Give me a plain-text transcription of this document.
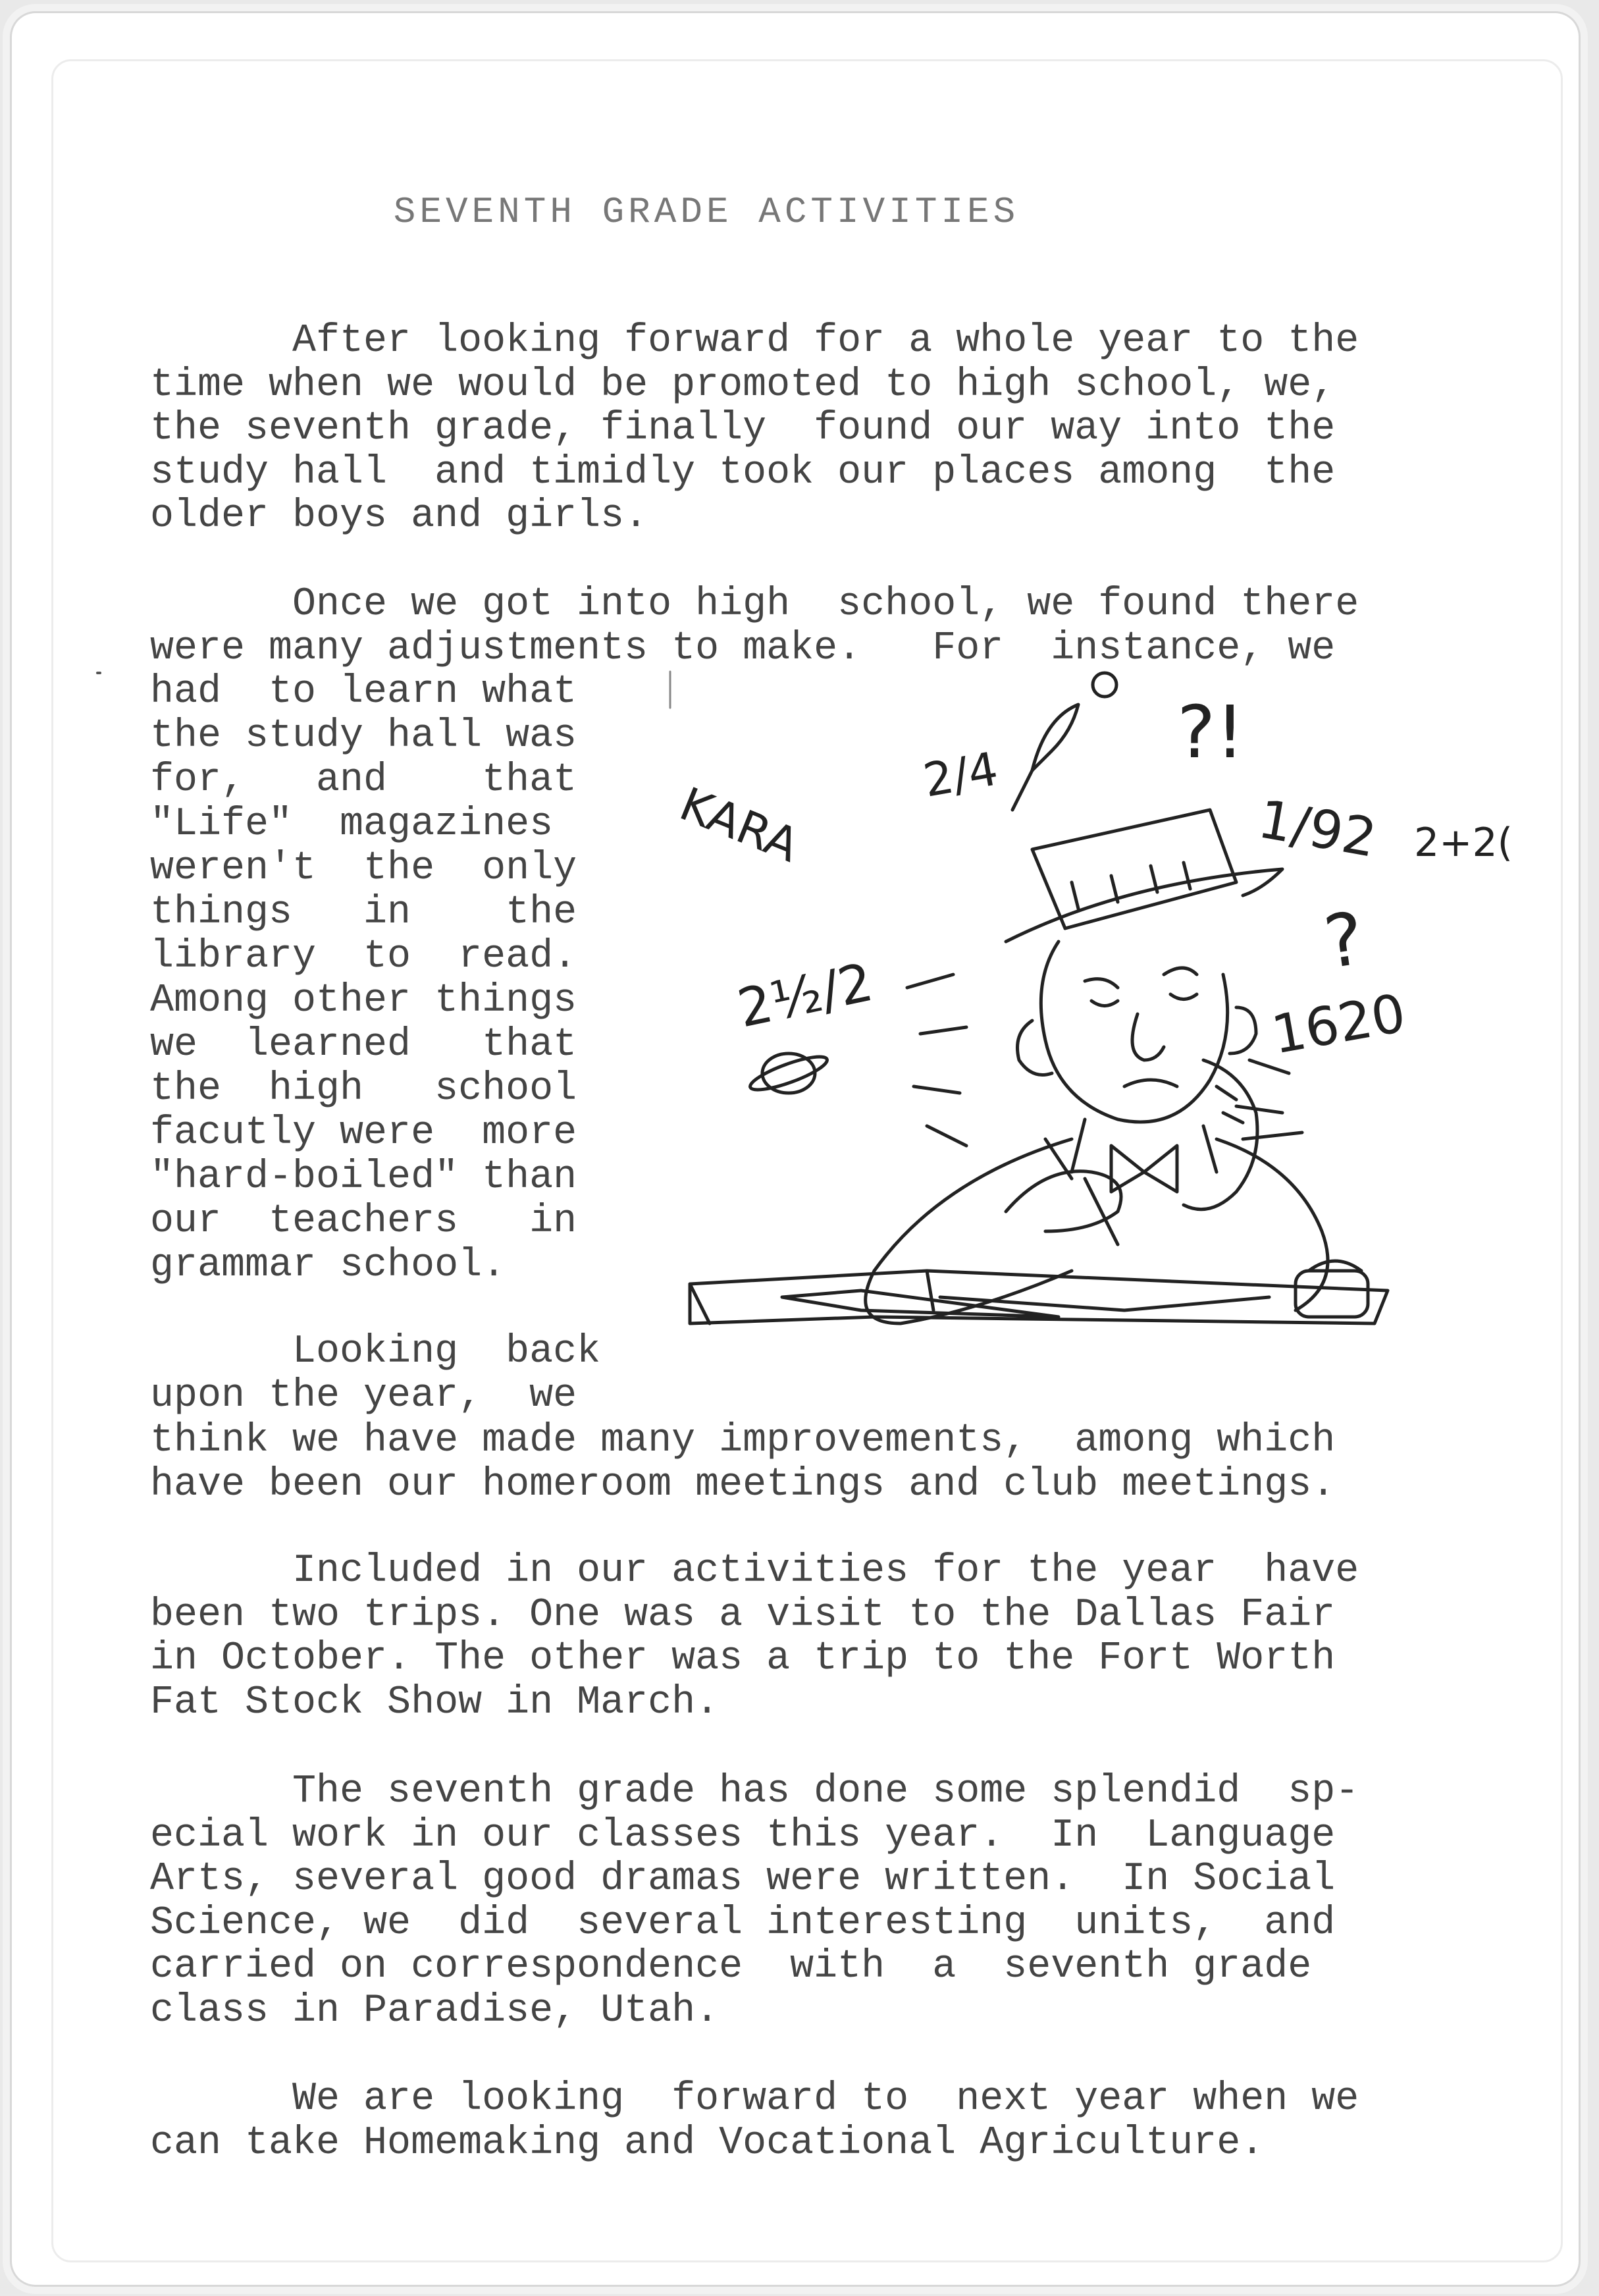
SEVENTH GRADE ACTIVITIES

After looking forward for a whole year to the
time when we would be promoted to high school, we,
the seventh grade, finally  found our way into the
study hall  and timidly took our places among  the
older boys and girls.

Once we got into high  school, we found there
were many adjustments to make.   For  instance, we

had  to learn what
the study hall was
for,   and    that
"Life"  magazines
weren't  the  only
things   in    the
library  to  read.
Among other things
we  learned   that
the  high   school
facutly were  more
"hard-boiled" than
our  teachers   in
grammar school.

Looking  back
upon the year,  we

think we have made many improvements,  among which
have been our homeroom meetings and club meetings.

Included in our activities for the year  have
been two trips. One was a visit to the Dallas Fair
in October. The other was a trip to the Fort Worth
Fat Stock Show in March.

The seventh grade has done some splendid  sp-
ecial work in our classes this year.  In  Language
Arts, several good dramas were written.  In Social
Science, we  did  several interesting  units,  and
carried on correspondence  with  a  seventh grade
class in Paradise, Utah.

We are looking  forward to  next year when we
can take Homemaking and Vocational Agriculture.

KARA
2/4
?!
1/92 2+2(
?
2½/2	1620
